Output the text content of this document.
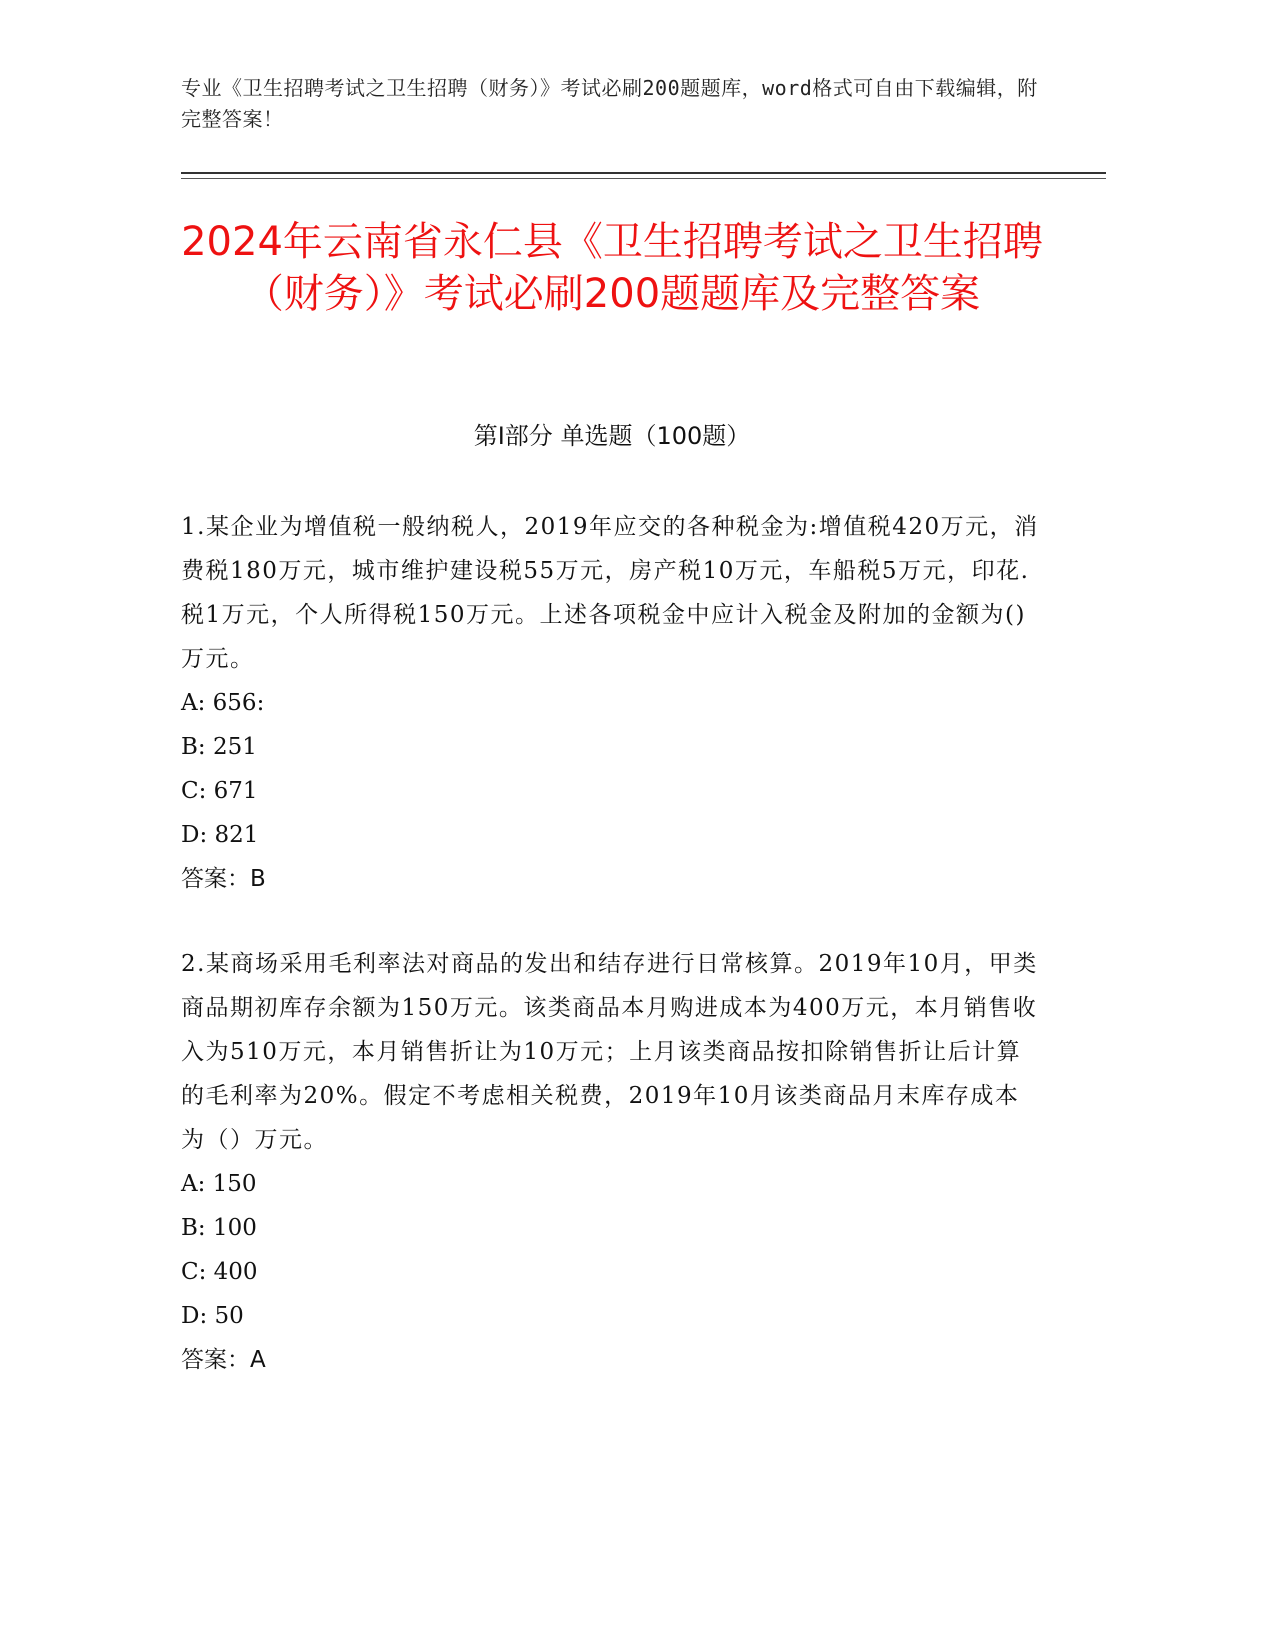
专业《卫生招聘考试之卫生招聘（财务）》考试必刷200题题库，word格式可自由下载编辑，附完整答案！
2024年云南省永仁县《卫生招聘考试之卫生招聘（财务）》考试必刷200题题库及完整答案
第I部分 单选题（100题）

1.某企业为增值税一般纳税人，2019年应交的各种税金为:增值税420万元，消费税180万元，城市维护建设税55万元，房产税10万元，车船税5万元，印花.税1万元，个人所得税150万元。上述各项税金中应计入税金及附加的金额为()万元。

A: 656:

B: 251

C: 671

D: 821

答案：B

2.某商场采用毛利率法对商品的发出和结存进行日常核算。2019年10月，甲类商品期初库存余额为150万元。该类商品本月购进成本为400万元，本月销售收入为510万元，本月销售折让为10万元；上月该类商品按扣除销售折让后计算的毛利率为20%。假定不考虑相关税费，2019年10月该类商品月末库存成本为（）万元。

A: 150

B: 100

C: 400

D: 50

答案：A
